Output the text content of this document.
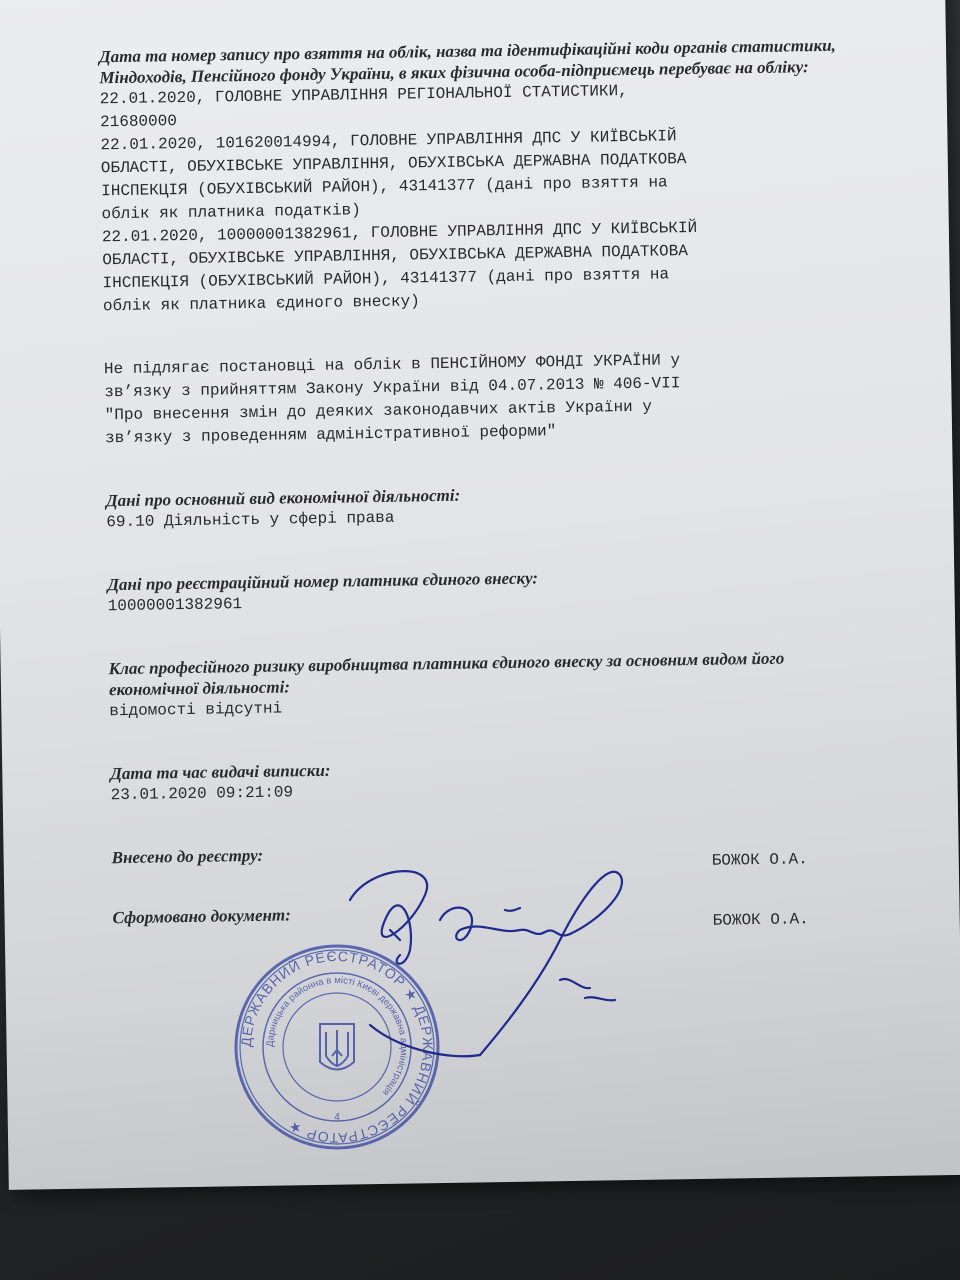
Дата та номер запису про взяття на облік, назва та ідентифікаційні коди органів статистики, Міндоходів, Пенсійного фонду України, в яких фізична особа-підприємець перебуває на обліку:

22.01.2020, ГОЛОВНЕ УПРАВЛІННЯ РЕГІОНАЛЬНОЇ СТАТИСТИКИ,

21680000

22.01.2020, 101620014994, ГОЛОВНЕ УПРАВЛІННЯ ДПС У КИЇВСЬКІЙ

ОБЛАСТІ, ОБУХІВСЬКЕ УПРАВЛІННЯ, ОБУХІВСЬКА ДЕРЖАВНА ПОДАТКОВА

ІНСПЕКЦІЯ (ОБУХІВСЬКИЙ РАЙОН), 43141377 (дані про взяття на

облік як платника податків)

22.01.2020, 10000001382961, ГОЛОВНЕ УПРАВЛІННЯ ДПС У КИЇВСЬКІЙ

ОБЛАСТІ, ОБУХІВСЬКЕ УПРАВЛІННЯ, ОБУХІВСЬКА ДЕРЖАВНА ПОДАТКОВА

ІНСПЕКЦІЯ (ОБУХІВСЬКИЙ РАЙОН), 43141377 (дані про взяття на

облік як платника єдиного внеску)

Не підлягає постановці на облік в ПЕНСІЙНОМУ ФОНДІ УКРАЇНИ у

зв’язку з прийняттям Закону України від 04.07.2013 № 406-VII

"Про внесення змін до деяких законодавчих актів України у

зв’язку з проведенням адміністративної реформи"

Дані про основний вид економічної діяльності:

69.10 Діяльність у сфері права

Дані про реєстраційний номер платника єдиного внеску:

10000001382961

Клас професійного ризику виробництва платника єдиного внеску за основним видом його економічної діяльності:

відомості відсутні

Дата та час видачі виписки:

23.01.2020 09:21:09

Внесено до реєстру:	БОЖОК О.А.

Сформовано документ:	БОЖОК О.А.

ДЕРЖАВНИЙ РЕЄСТРАТОР ★ ДЕРЖАВНИЙ РЕЄСТРАТОР ★
Дарницька районна в місті Києві державна адміністрація
4
